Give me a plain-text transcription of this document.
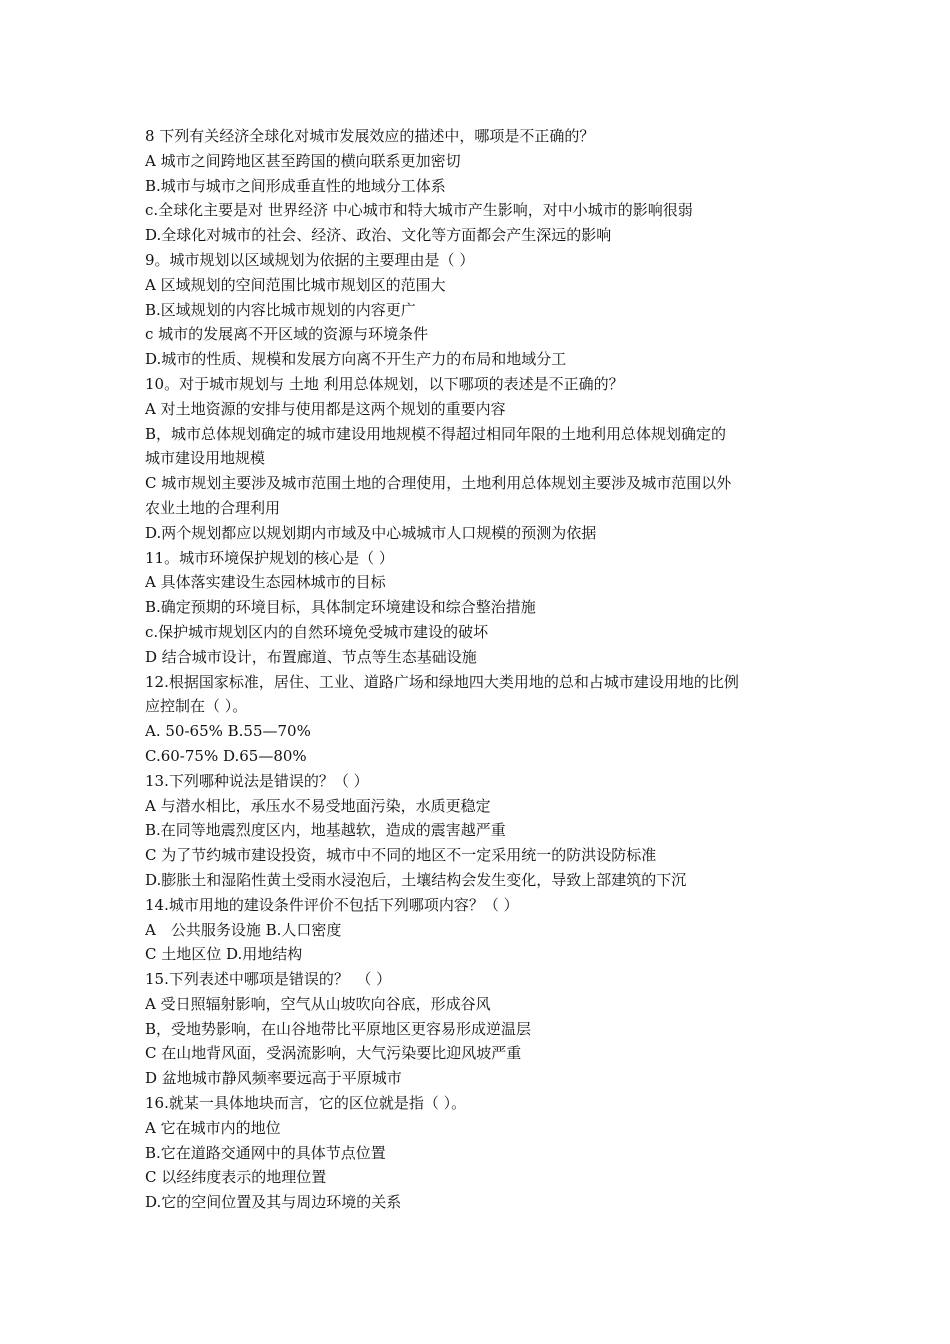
8 下列有关经济全球化对城市发展效应的描述中，哪项是不正确的？
A 城市之间跨地区甚至跨国的横向联系更加密切
B.城市与城市之间形成垂直性的地域分工体系
c.全球化主要是对 世界经济 中心城市和特大城市产生影响，对中小城市的影响很弱
D.全球化对城市的社会、经济、政治、文化等方面都会产生深远的影响
9。城市规划以区域规划为依据的主要理由是（ ）
A 区域规划的空间范围比城市规划区的范围大
B.区域规划的内容比城市规划的内容更广
c 城市的发展离不开区域的资源与环境条件
D.城市的性质、规模和发展方向离不开生产力的布局和地域分工
10。对于城市规划与 土地 利用总体规划，以下哪项的表述是不正确的？
A 对土地资源的安排与使用都是这两个规划的重要内容
B，城市总体规划确定的城市建设用地规模不得超过相同年限的土地利用总体规划确定的
城市建设用地规模
C 城市规划主要涉及城市范围土地的合理使用，土地利用总体规划主要涉及城市范围以外
农业土地的合理利用
D.两个规划都应以规划期内市域及中心城城市人口规模的预测为依据
11。城市环境保护规划的核心是（ ）
A 具体落实建设生态园林城市的目标
B.确定预期的环境目标，具体制定环境建设和综合整治措施
c.保护城市规划区内的自然环境免受城市建设的破坏
D 结合城市设计，布置廊道、节点等生态基础设施
12.根据国家标准，居住、工业、道路广场和绿地四大类用地的总和占城市建设用地的比例
应控制在（ ）。
A. 50-65% B.55—70%
C.60-75% D.65—80%
13.下列哪种说法是错误的？（ ）
A 与潜水相比，承压水不易受地面污染，水质更稳定
B.在同等地震烈度区内，地基越软，造成的震害越严重
C 为了节约城市建设投资，城市中不同的地区不一定采用统一的防洪设防标准
D.膨胀土和湿陷性黄土受雨水浸泡后，土壤结构会发生变化，导致上部建筑的下沉
14.城市用地的建设条件评价不包括下列哪项内容？（ ）
A　公共服务设施 B.人口密度
C 土地区位 D.用地结构
15.下列表述中哪项是错误的？　（ ）
A 受日照辐射影响，空气从山坡吹向谷底，形成谷风
B，受地势影响，在山谷地带比平原地区更容易形成逆温层
C 在山地背风面，受涡流影响，大气污染要比迎风坡严重
D 盆地城市静风频率要远高于平原城市
16.就某一具体地块而言，它的区位就是指（ ）。
A 它在城市内的地位
B.它在道路交通网中的具体节点位置
C 以经纬度表示的地理位置
D.它的空间位置及其与周边环境的关系
